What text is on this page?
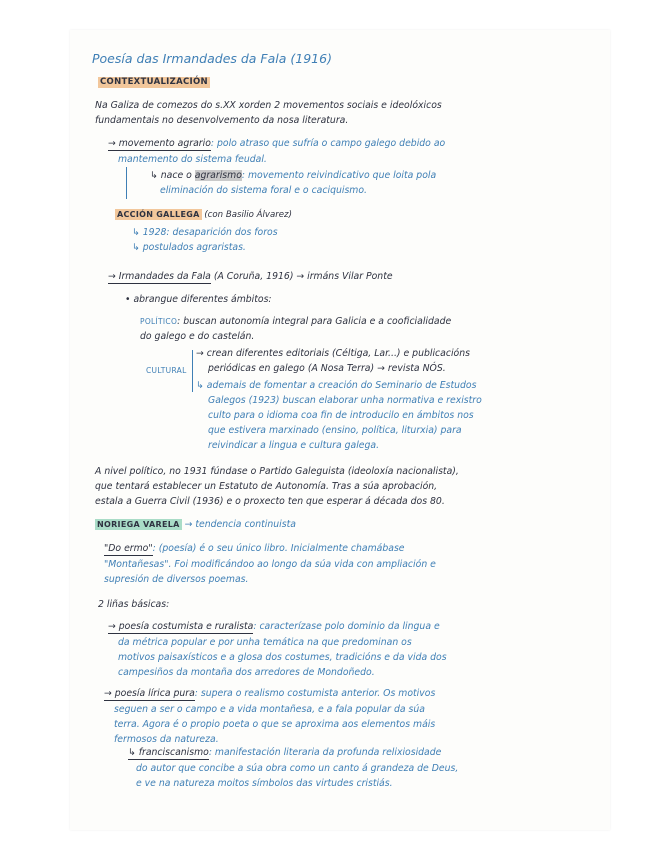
Poesía das Irmandades da Fala (1916)
CONTEXTUALIZACIÓN
Na Galiza de comezos do s.XX xorden 2 movementos sociais e ideolóxicos
fundamentais no desenvolvemento da nosa literatura.
→ movemento agrario: polo atraso que sufría o campo galego debido ao
mantemento do sistema feudal.
↳ nace o agrarismo: movemento reivindicativo que loita pola
eliminación do sistema foral e o caciquismo.
ACCIÓN GALLEGA (con Basilio Álvarez)
↳ 1928: desaparición dos foros
↳ postulados agraristas.
→ Irmandades da Fala (A Coruña, 1916) → irmáns Vilar Ponte
• abrangue diferentes ámbitos:
POLÍTICO: buscan autonomía integral para Galicia e a cooficialidade
do galego e do castelán.
CULTURAL
→ crean diferentes editoriais (Céltiga, Lar...) e publicacións
periódicas en galego (A Nosa Terra) → revista NÓS.
↳ ademais de fomentar a creación do Seminario de Estudos
Galegos (1923) buscan elaborar unha normativa e rexistro
culto para o idioma coa fin de introducilo en ámbitos nos
que estivera marxinado (ensino, política, liturxia) para
reivindicar a lingua e cultura galega.
A nivel político, no 1931 fúndase o Partido Galeguista (ideoloxía nacionalista),
que tentará establecer un Estatuto de Autonomía. Tras a súa aprobación,
estala a Guerra Civil (1936) e o proxecto ten que esperar á década dos 80.
NORIEGA VARELA → tendencia continuista
"Do ermo": (poesía) é o seu único libro. Inicialmente chamábase
"Montañesas". Foi modificándoo ao longo da súa vida con ampliación e
supresión de diversos poemas.
2 liñas básicas:
→ poesía costumista e ruralista: caracterízase polo dominio da lingua e
da métrica popular e por unha temática na que predominan os
motivos paisaxísticos e a glosa dos costumes, tradicións e da vida dos
campesiños da montaña dos arredores de Mondoñedo.
→ poesía lírica pura: supera o realismo costumista anterior. Os motivos
seguen a ser o campo e a vida montañesa, e a fala popular da súa
terra. Agora é o propio poeta o que se aproxima aos elementos máis
fermosos da natureza.
↳ franciscanismo: manifestación literaria da profunda relixiosidade
do autor que concibe a súa obra como un canto á grandeza de Deus,
e ve na natureza moitos símbolos das virtudes cristiás.
